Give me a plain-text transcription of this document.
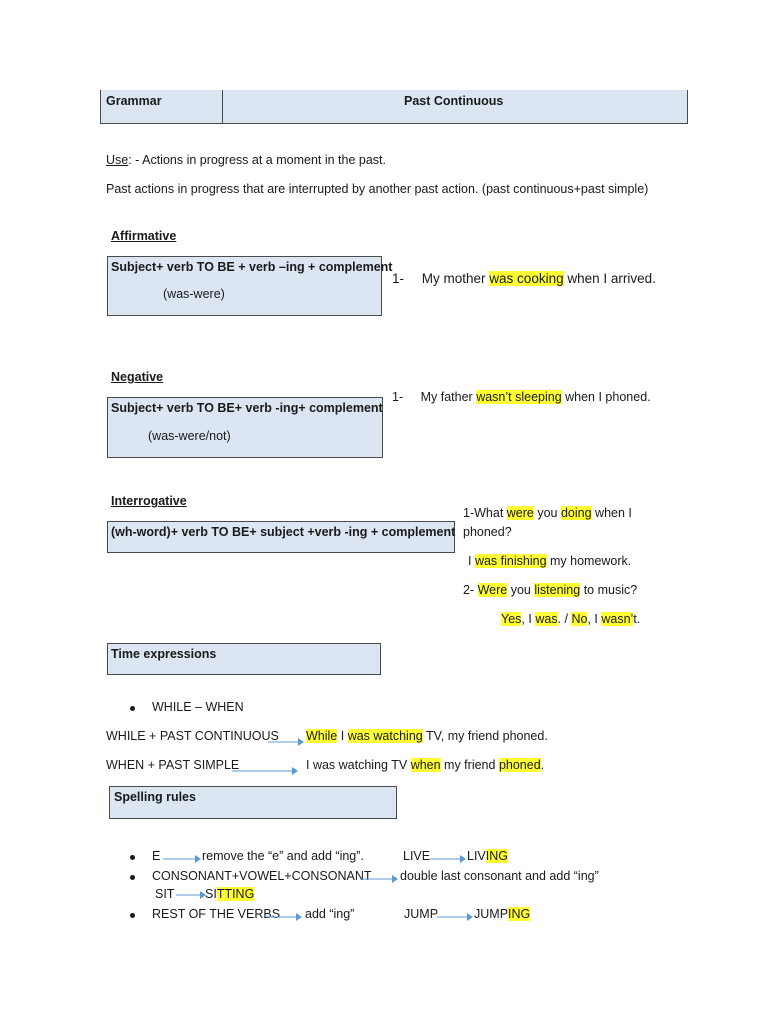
Grammar	Past Continuous
Use: - Actions in progress at a moment in the past.
Past actions in progress that are interrupted by another past action. (past continuous+past simple)
Affirmative
Subject+ verb TO BE + verb –ing + complement
(was-were)
1- My mother was cooking when I arrived.
Negative
Subject+ verb TO BE+ verb -ing+ complement
(was-were/not)
1- My father wasn’t sleeping when I phoned.
Interrogative
(wh-word)+ verb TO BE+ subject +verb -ing + complement
1-What were you doing when I
phoned?
I was finishing my homework.
2- Were you listening to music?
Yes, I was. / No, I wasn’t.
Time expressions
WHILE – WHEN
WHILE + PAST CONTINUOUS While I was watching TV, my friend phoned.
WHEN + PAST SIMPLE	I was watching TV when my friend phoned.
Spelling rules
E	remove the “e” and add “ing”.	LIVE	LIVING
CONSONANT+VOWEL+CONSONANT double last consonant and add “ing”
SIT SITTING
REST OF THE VERBS add “ing”	JUMP	JUMPING
